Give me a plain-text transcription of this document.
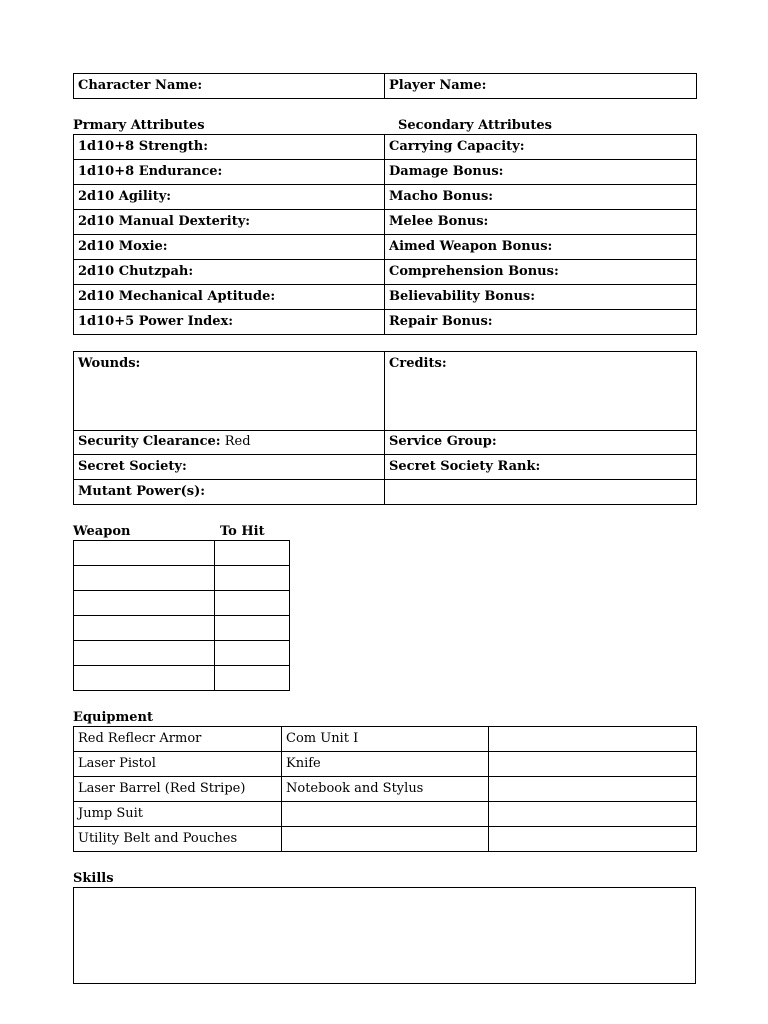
Character Name:	Player Name:
Prmary Attributes	Secondary Attributes
1d10+8 Strength:	Carrying Capacity:
1d10+8 Endurance:	Damage Bonus:
2d10 Agility:	Macho Bonus:
2d10 Manual Dexterity:	Melee Bonus:
2d10 Moxie:	Aimed Weapon Bonus:
2d10 Chutzpah:	Comprehension Bonus:
2d10 Mechanical Aptitude:	Believability Bonus:
1d10+5 Power Index:	Repair Bonus:
Wounds:	Credits:
Security Clearance: Red	Service Group:
Secret Society:	Secret Society Rank:
Mutant Power(s):	
Weapon	To Hit

Equipment
Red Reflecr Armor	Com Unit I	
Laser Pistol	Knife	
Laser Barrel (Red Stripe)	Notebook and Stylus	
Jump Suit		
Utility Belt and Pouches		
Skills
